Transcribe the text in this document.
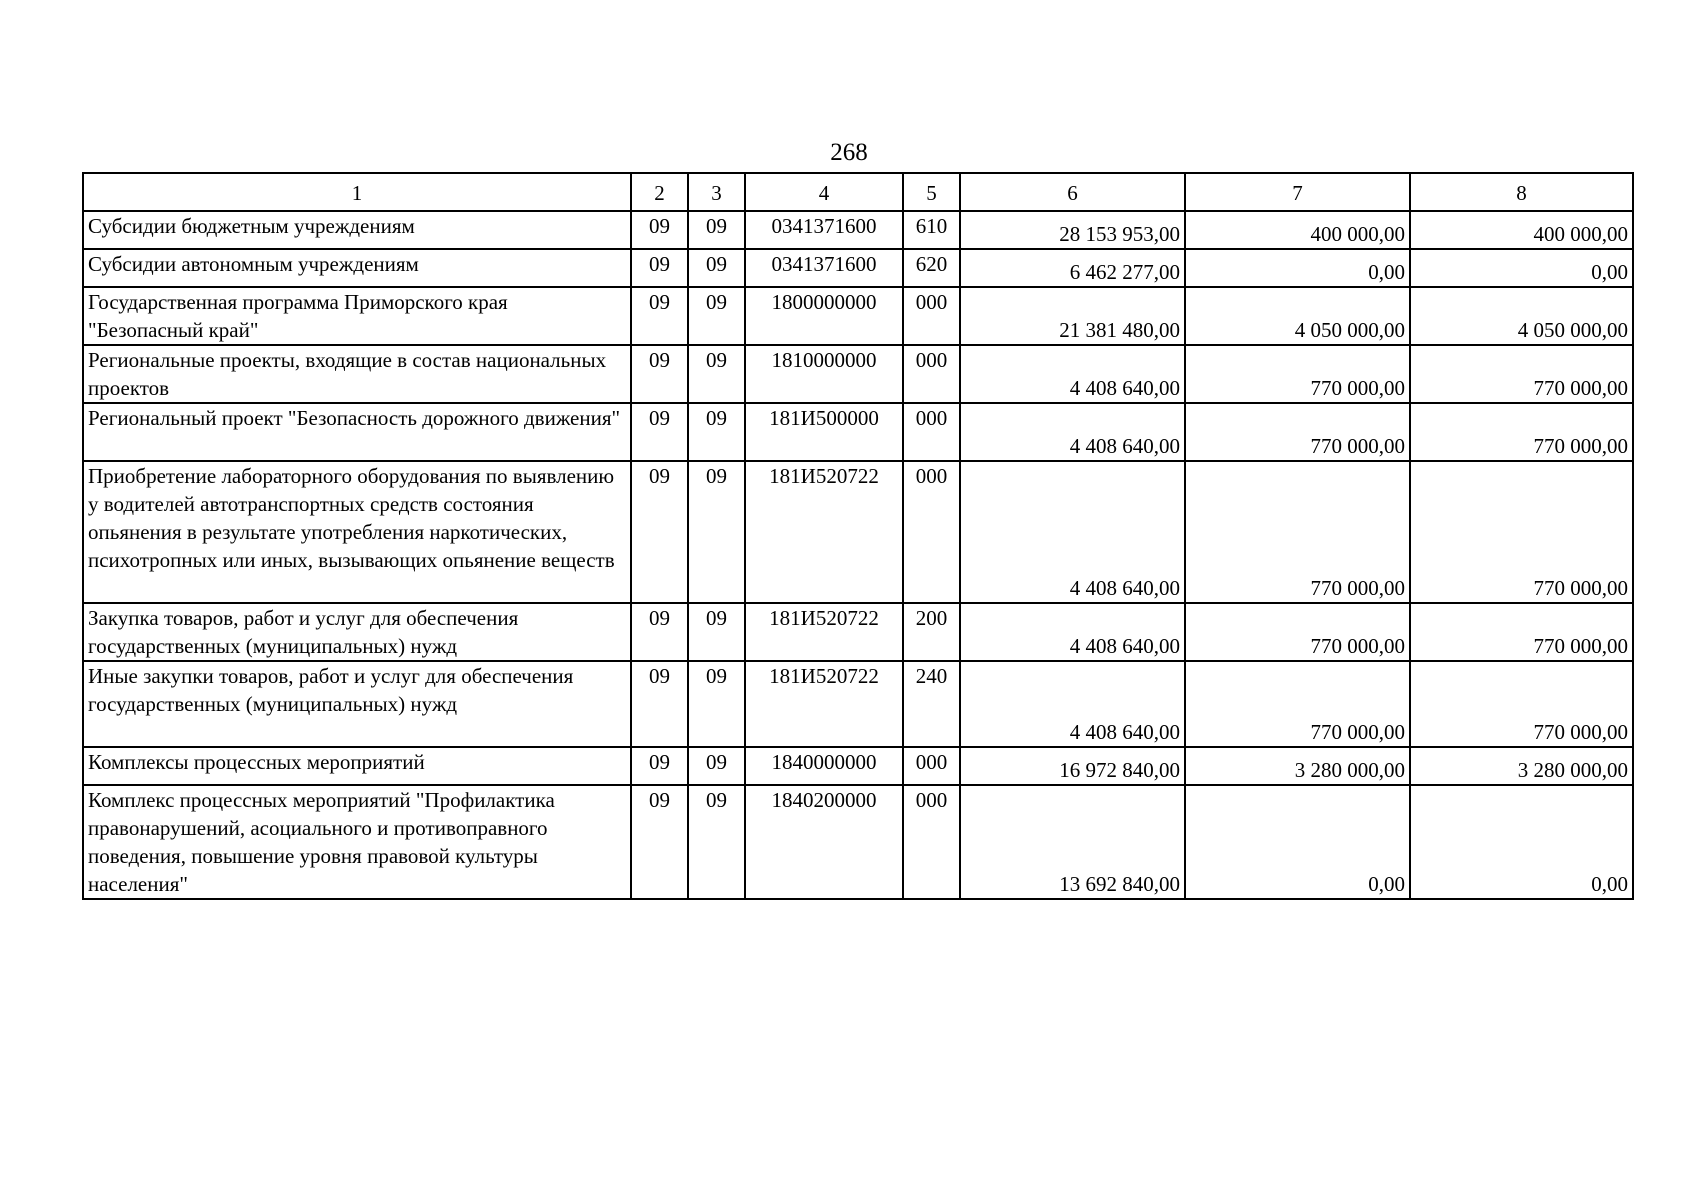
268
1	2	3	4	5	6	7	8
Субсидии бюджетным учреждениям	09	09	0341371600	610	28 153 953,00	400 000,00	400 000,00
Субсидии автономным учреждениям	09	09	0341371600	620	6 462 277,00	0,00	0,00
Государственная программа Приморского края "Безопасный край"	09	09	1800000000	000	21 381 480,00	4 050 000,00	4 050 000,00
Региональные проекты, входящие в состав национальных проектов	09	09	1810000000	000	4 408 640,00	770 000,00	770 000,00
Региональный проект "Безопасность дорожного движения"	09	09	181И500000	000	4 408 640,00	770 000,00	770 000,00
Приобретение лабораторного оборудования по выявлению у водителей автотранспортных средств состояния опьянения в результате употребления наркотических, психотропных или иных, вызывающих опьянение веществ	09	09	181И520722	000	4 408 640,00	770 000,00	770 000,00
Закупка товаров, работ и услуг для обеспечения государственных (муниципальных) нужд	09	09	181И520722	200	4 408 640,00	770 000,00	770 000,00
Иные закупки товаров, работ и услуг для обеспечения государственных (муниципальных) нужд	09	09	181И520722	240	4 408 640,00	770 000,00	770 000,00
Комплексы процессных мероприятий	09	09	1840000000	000	16 972 840,00	3 280 000,00	3 280 000,00
Комплекс процессных мероприятий "Профилактика правонарушений, асоциального и противоправного поведения, повышение уровня правовой культуры населения"	09	09	1840200000	000	13 692 840,00	0,00	0,00
